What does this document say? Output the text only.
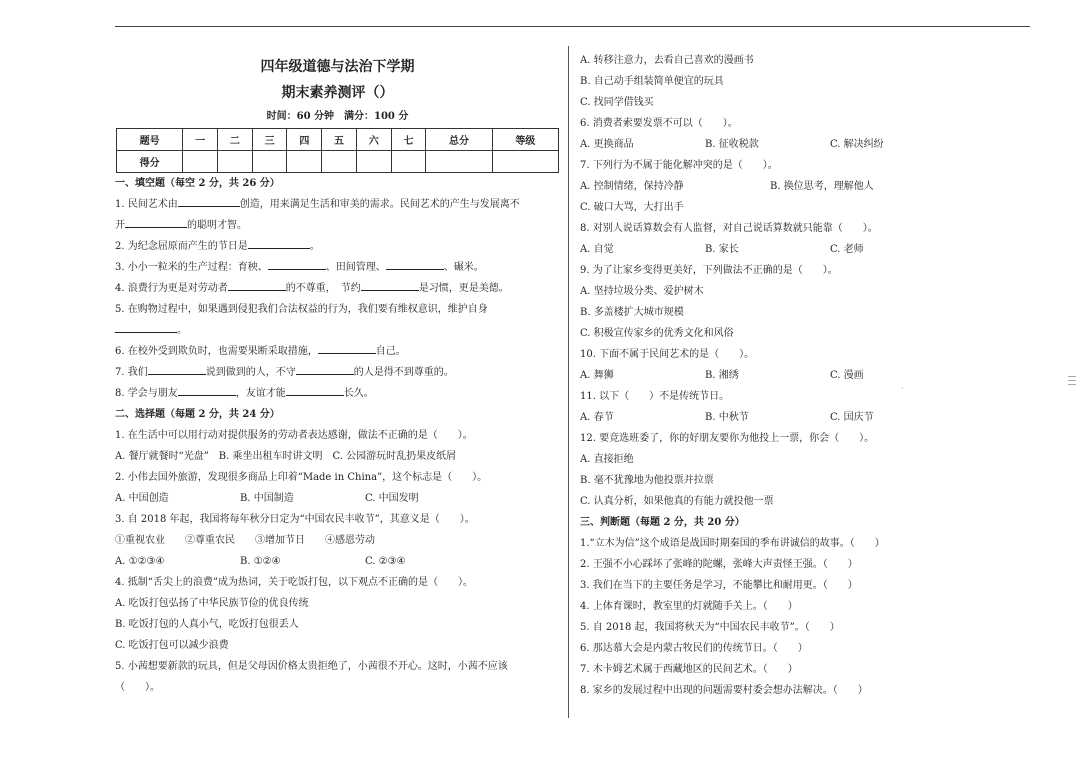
四年级道德与法治下学期
期末素养测评（）
时间：60 分钟　满分：100 分
题号	一	二	三	四	五	六	七	总分	等级
得分									
一、填空题（每空 2 分，共 26 分）
1. 民间艺术由	创造，用来满足生活和审美的需求。民间艺术的产生与发展离不
开	的聪明才智。
2. 为纪念屈原而产生的节日是	。
3. 小小一粒米的生产过程：育秧、	、田间管理、	、碾米。
4. 浪费行为更是对劳动者	的不尊重，　节约	是习惯，更是美德。
5. 在购物过程中，如果遇到侵犯我们合法权益的行为，我们要有维权意识，维护自身
。
6. 在校外受到欺负时，也需要果断采取措施，	自己。
7. 我们	说到做到的人，不守	的人是得不到尊重的。
8. 学会与朋友	，友谊才能	长久。
二、选择题（每题 2 分，共 24 分）
1. 在生活中可以用行动对提供服务的劳动者表达感谢，做法不正确的是（　　）。
A. 餐厅就餐时“光盘”　B. 乘坐出租车时讲文明　C. 公园游玩时乱扔果皮纸屑
2. 小伟去国外旅游，发现很多商品上印着“Made in China”，这个标志是（　　）。
A. 中国创造	B. 中国制造	C. 中国发明
3. 自 2018 年起，我国将每年秋分日定为“中国农民丰收节”，其意义是（　　）。
①重视农业　　②尊重农民　　③增加节日　　④感恩劳动
A. ①②③④	B. ①②④	C. ②③④
4. 抵制“舌尖上的浪费”成为热词，关于吃饭打包，以下观点不正确的是（　　）。
A. 吃饭打包弘扬了中华民族节俭的优良传统
B. 吃饭打包的人真小气，吃饭打包很丢人
C. 吃饭打包可以减少浪费
5. 小茜想要新款的玩具，但是父母因价格太贵拒绝了，小茜很不开心。这时，小茜不应该
（　　）。
A. 转移注意力，去看自己喜欢的漫画书
B. 自己动手组装简单便宜的玩具
C. 找同学借钱买
6. 消费者索要发票不可以（　　）。
A. 更换商品	B. 征收税款	C. 解决纠纷
7. 下列行为不属于能化解冲突的是（　　）。
A. 控制情绪，保持冷静	B. 换位思考，理解他人
C. 破口大骂，大打出手
8. 对别人说话算数会有人监督，对自己说话算数就只能靠（　　）。
A. 自觉	B. 家长	C. 老师
9. 为了让家乡变得更美好，下列做法不正确的是（　　）。
A. 坚持垃圾分类、爱护树木
B. 多盖楼扩大城市规模
C. 积极宣传家乡的优秀文化和风俗
10. 下面不属于民间艺术的是（　　）。
A. 舞狮	B. 湘绣	C. 漫画
11. 以下（　　）不是传统节日。
A. 春节	B. 中秋节	C. 国庆节
12. 要竞选班委了，你的好朋友要你为他投上一票，你会（　　）。
A. 直接拒绝
B. 毫不犹豫地为他投票并拉票
C. 认真分析，如果他真的有能力就投他一票
三、判断题（每题 2 分，共 20 分）
1.“立木为信”这个成语是战国时期秦国的季布讲诚信的故事。（　　）
2. 王强不小心踩坏了张峰的陀螺，张峰大声责怪王强。（　　）
3. 我们在当下的主要任务是学习，不能攀比和耐用更。（　　）
4. 上体育课时，教室里的灯就随手关上。（　　）
5. 自 2018 起，我国将秋天为“中国农民丰收节”。（　　）
6. 那达慕大会是内蒙古牧民们的传统节日。（　　）
7. 木卡姆艺术属于西藏地区的民间艺术。（　　）
8. 家乡的发展过程中出现的问题需要村委会想办法解决。（　　）
·
